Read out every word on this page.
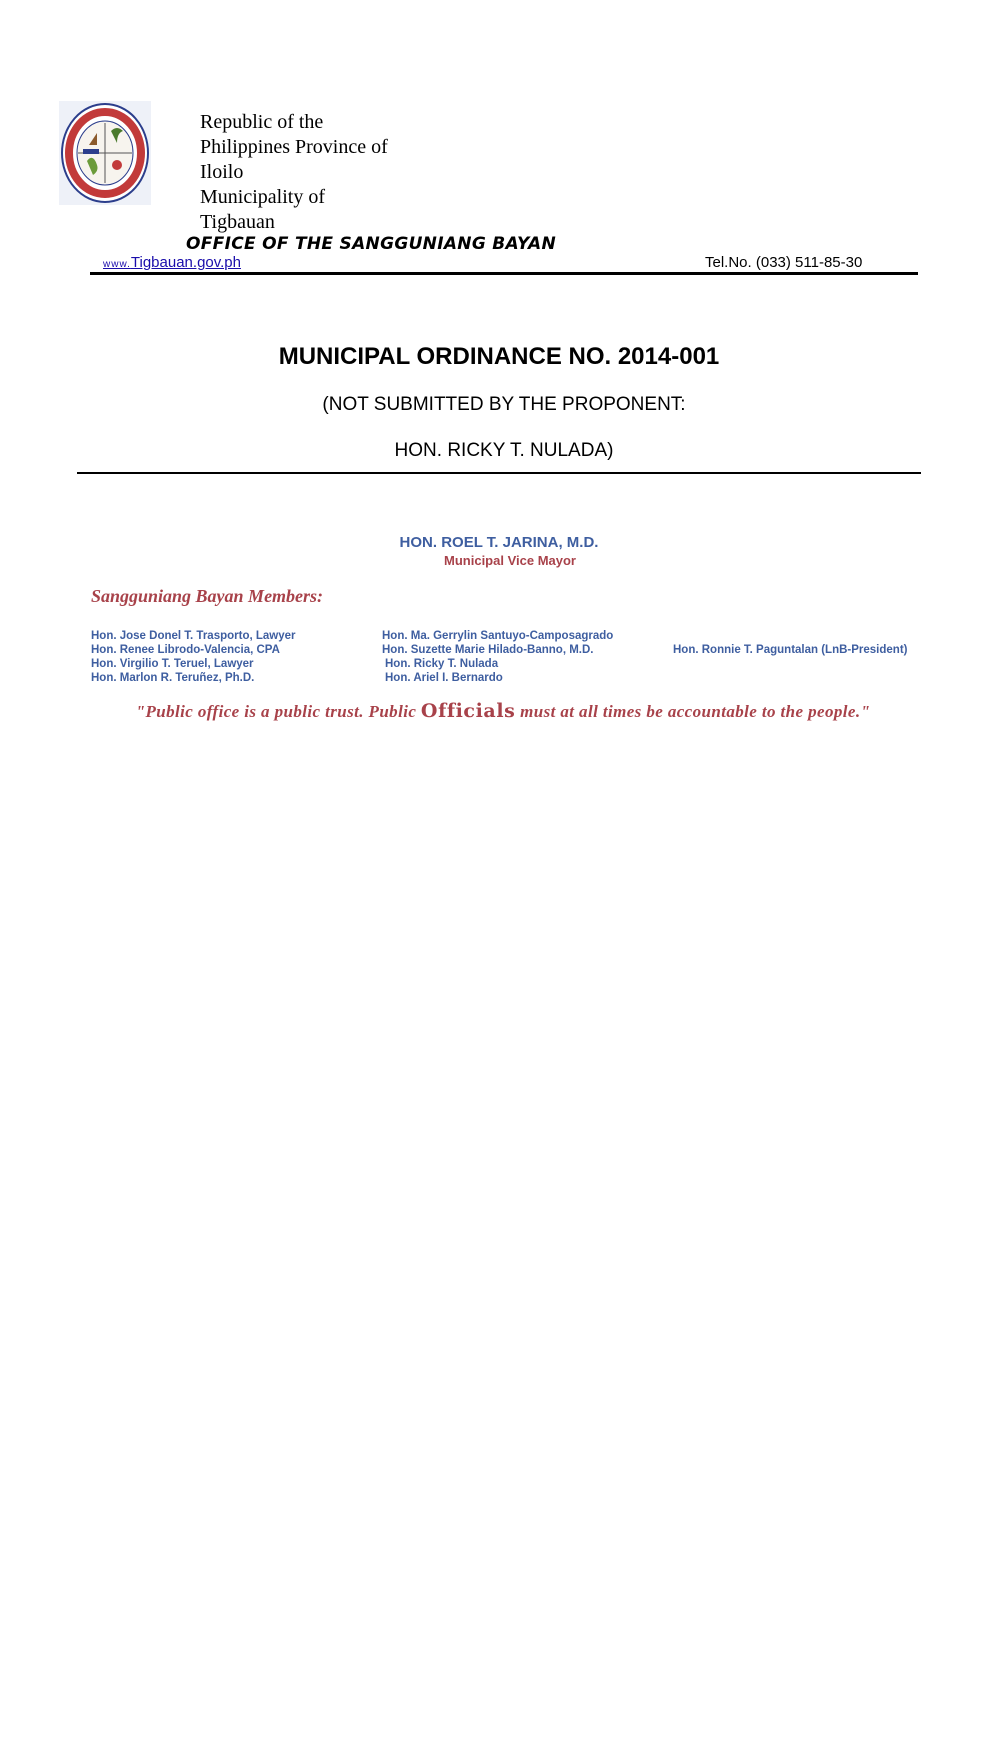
Republic of the
Philippines Province of
Iloilo
Municipality of
Tigbauan
OFFICE OF THE SANGGUNIANG BAYAN
www.Tigbauan.gov.ph	Tel.No. (033) 511-85-30
MUNICIPAL ORDINANCE NO. 2014-001
(NOT SUBMITTED BY THE PROPONENT:
HON. RICKY T. NULADA)
HON. ROEL T. JARINA, M.D.
Municipal Vice Mayor
Sangguniang Bayan Members:
Hon. Jose Donel T. Trasporto, Lawyer
Hon. Renee Librodo-Valencia, CPA
Hon. Virgilio T. Teruel, Lawyer
Hon. Marlon R. Teruñez, Ph.D.
Hon. Ma. Gerrylin Santuyo-Camposagrado
Hon. Suzette Marie Hilado-Banno, M.D.
Hon. Ricky T. Nulada
Hon. Ariel I. Bernardo
Hon. Ronnie T. Paguntalan (LnB-President)
"Public office is a public trust. Public Officials must at all times be accountable to the people."
